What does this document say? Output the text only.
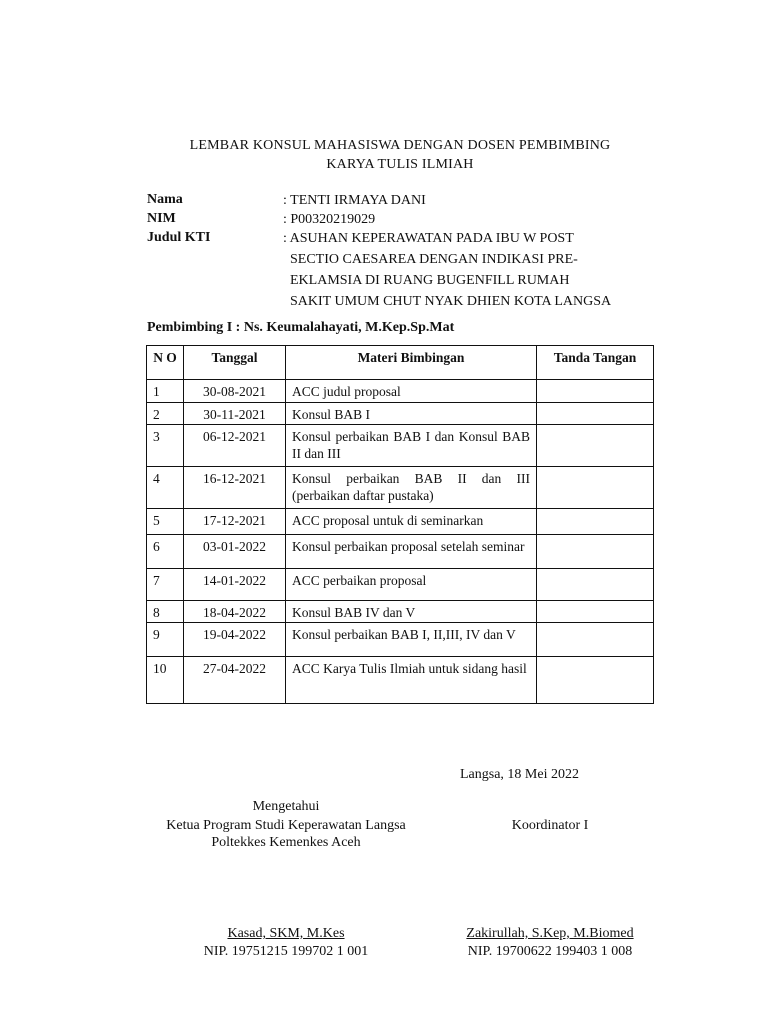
LEMBAR KONSUL MAHASISWA DENGAN DOSEN PEMBIMBING
KARYA TULIS ILMIAH
Nama	: TENTI IRMAYA DANI
NIM	: P00320219029
Judul KTI	: ASUHAN KEPERAWATAN PADA IBU W POST
SECTIO CAESAREA DENGAN INDIKASI PRE-
EKLAMSIA DI RUANG BUGENFILL RUMAH
SAKIT UMUM CHUT NYAK DHIEN KOTA LANGSA
Pembimbing I : Ns. Keumalahayati, M.Kep.Sp.Mat
N O	Tanggal	Materi Bimbingan	Tanda Tangan
1	30-08-2021	ACC judul proposal	
2	30-11-2021	Konsul BAB I	
3	06-12-2021	Konsul perbaikan BAB I dan Konsul BAB II dan III	
4	16-12-2021	Konsul perbaikan BAB II dan III (perbaikan daftar pustaka)	
5	17-12-2021	ACC proposal untuk di seminarkan	
6	03-01-2022	Konsul perbaikan proposal setelah seminar	
7	14-01-2022	ACC perbaikan proposal	
8	18-04-2022	Konsul BAB IV dan V	
9	19-04-2022	Konsul perbaikan BAB I, II,III, IV dan V	
10	27-04-2022	ACC Karya Tulis Ilmiah untuk sidang hasil	
Langsa, 18 Mei 2022
Mengetahui
Ketua Program Studi Keperawatan Langsa
Poltekkes Kemenkes Aceh
Koordinator I
Kasad, SKM, M.Kes
NIP. 19751215 199702 1 001
Zakirullah, S.Kep, M.Biomed
NIP. 19700622 199403 1 008
